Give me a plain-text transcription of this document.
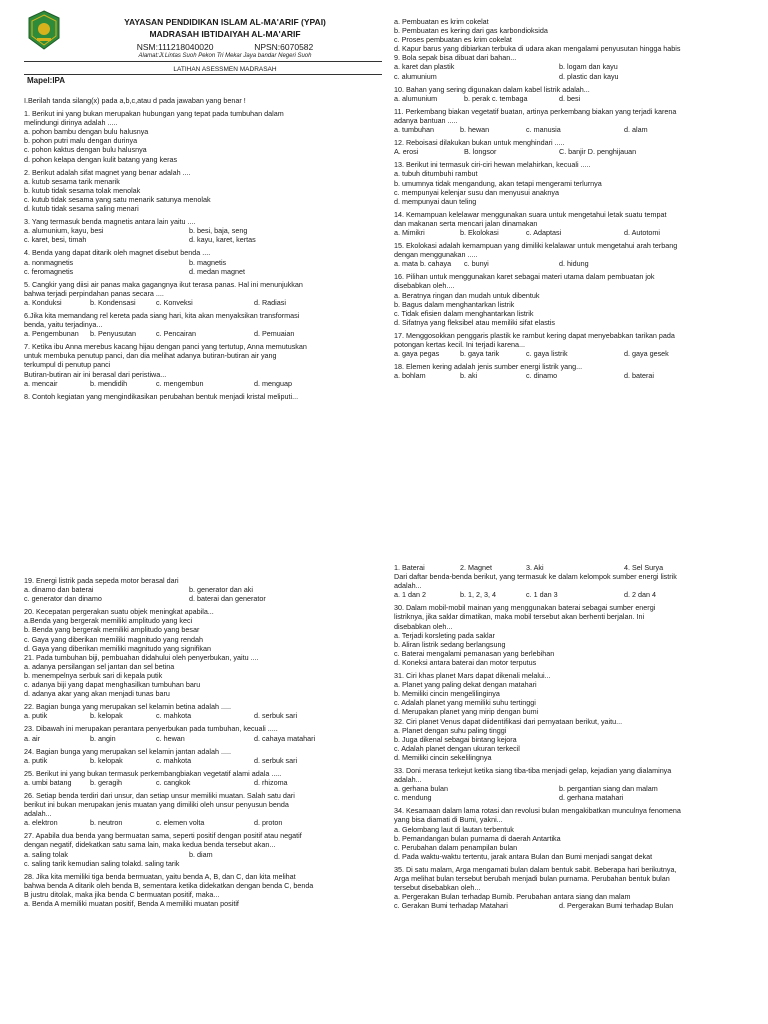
YAYASAN PENDIDIKAN ISLAM AL-MA'ARIF (YPAI)
MADRASAH IBTIDAIYAH AL-MA'ARIF
NSM:111218040020	NPSN:6070582
Alamat:Jl.Lintas Suoh Pekon Tri Mekar Jaya bandar Negeri Suoh
LATIHAN ASESSMEN MADRASAH
Mapel:IPA
I.Berilah tanda silang(x) pada a,b,c,atau d pada jawaban yang benar !
1. Berikut ini yang bukan merupakan hubungan yang tepat pada tumbuhan dalam
melindungi dirinya adalah .....
a. pohon bambu dengan bulu halusnya
b. pohon putri malu dengan durinya
c. pohon kaktus dengan bulu halusnya
d. pohon kelapa dengan kulit batang yang keras
2. Berikut adalah sifat magnet yang benar adalah ....
a. kutub sesama tarik menarik
b. kutub tidak sesama tolak menolak
c. kutub tidak sesama yang satu menarik satunya menolak
d. kutub tidak sesama saling menari
3. Yang termasuk benda magnetis antara lain yaitu ....
a. alumunium, kayu, besi	b. besi, baja, seng
c. karet, besi, timah	d. kayu, karet, kertas
4. Benda yang dapat ditarik oleh magnet disebut benda ....
a. nonmagnetis	b. magnetis
c. feromagnetis	d. medan magnet
5. Cangkir yang diisi air panas maka gagangnya ikut terasa panas. Hal ini menunjukkan
bahwa terjadi perpindahan panas secara ....
a. Konduksi	b. Kondensasi	c. Konveksi	d. Radiasi
6.Jika kita memandang rel kereta pada siang hari, kita akan menyaksikan transformasi
benda, yaitu terjadinya...
a. Pengembunan b. Penyusutan	c. Pencairan	d. Pemuaian
7. Ketika ibu Anna merebus kacang hijau dengan panci yang tertutup, Anna memutuskan
untuk membuka penutup panci, dan dia melihat adanya butiran-butiran air yang
terkumpul di penutup panci
Butiran-butiran air ini berasal dari peristiwa...
a. mencair	b. mendidih	c. mengembun	d. menguap
8. Contoh kegiatan yang mengindikasikan perubahan bentuk menjadi kristal meliputi...
a. Pembuatan es krim cokelat
b. Pembuatan es kering dari gas karbondioksida
c. Proses pembuatan es krim cokelat
d. Kapur barus yang dibiarkan terbuka di udara akan mengalami penyusutan hingga habis
9. Bola sepak bisa dibuat dari bahan...
a. karet dan plastik	b. logam dan kayu
c. alumunium	d. plastic dan kayu
10. Bahan yang sering digunakan dalam kabel listrik adalah...
a. alumunium	b. perak c. tembaga	d. besi
11. Perkembang biakan vegetatif buatan, artinya perkembang biakan yang terjadi karena
adanya bantuan .....
a. tumbuhan	b. hewan	c. manusia	d. alam
12. Reboisasi dilakukan bukan untuk menghindari .....
A. erosi	B. longsor	C. banjir D. penghijauan
13. Berikut ini termasuk ciri-ciri hewan melahirkan, kecuali .....
a. tubuh ditumbuhi rambut
b. umumnya tidak mengandung, akan tetapi mengerami terlurnya
c. mempunyai kelenjar susu dan menyusui anaknya
d. mempunyai daun teling
14. Kemampuan kelelawar menggunakan suara untuk mengetahui letak suatu tempat
dan makanan serta mencari jalan dinamakan
a. Mimikri	b. Ekolokasi	c. Adaptasi	d. Autotomi
15. Ekolokasi adalah kemampuan yang dimiliki kelalawar untuk mengetahui arah terbang
dengan menggunakan .....
a. mata b. cahaya c. bunyi	d. hidung
16. Pilihan untuk menggunakan karet sebagai materi utama dalam pembuatan jok
disebabkan oleh....
a. Beratnya ringan dan mudah untuk dibentuk
b. Bagus dalam menghantarkan listrik
c. Tidak efisien dalam menghantarkan listrik
d. Sifatnya yang fleksibel atau memiliki sifat elastis
17. Menggosokkan penggaris plastik ke rambut kering dapat menyebabkan tarikan pada
potongan kertas kecil. Ini terjadi karena...
a. gaya pegas	b. gaya tarik	c. gaya listrik	d. gaya gesek
18. Elemen kering adalah jenis sumber energi listrik yang...
a. bohlam	b. aki	c. dinamo	d. baterai
19. Energi listrik pada sepeda motor berasal dari
a. dinamo dan baterai	b. generator dan aki
c. generator dan dinamo	d. baterai dan generator
20. Kecepatan pergerakan suatu objek meningkat apabila...
a.Benda yang bergerak memiliki amplitudo yang keci
b. Benda yang bergerak memiliki amplitudo yang besar
c. Gaya yang diberikan memiliki magnitudo yang rendah
d. Gaya yang diberikan memiliki magnitudo yang signifikan
21. Pada tumbuhan biji, pembuahan didahului oleh penyerbukan, yaitu ....
a. adanya persilangan sel jantan dan sel betina
b. menempelnya serbuk sari di kepala putik
c. adanya biji yang dapat menghasilkan tumbuhan baru
d. adanya akar yang akan menjadi tunas baru
22. Bagian bunga yang merupakan sel kelamin betina adalah .....
a. putik	b. kelopak	c. mahkota	d. serbuk sari
23. Dibawah ini merupakan perantara penyerbukan pada tumbuhan, kecuali .....
a. air	b. angin	c. hewan	d. cahaya matahari
24. Bagian bunga yang merupakan sel kelamin jantan adalah .....
a. putik	b. kelopak	c. mahkota	d. serbuk sari
25. Berikut ini yang bukan termasuk perkembangbiakan vegetatif alami adala .....
a. umbi batang	b. geragih	c. cangkok	d. rhizoma
26. Setiap benda terdiri dari unsur, dan setiap unsur memiliki muatan. Salah satu dari
berikut ini bukan merupakan jenis muatan yang dimiliki oleh unsur penyusun benda
adalah...
a. elektron	b. neutron	c. elemen volta	d. proton
27. Apabila dua benda yang bermuatan sama, seperti positif dengan positif atau negatif
dengan negatif, didekatkan satu sama lain, maka kedua benda tersebut akan...
a. saling tolak	b. diam
c. saling tarik kemudian saling tolakd. saling tarik
28. Jika kita memiliki tiga benda bermuatan, yaitu benda A, B, dan C, dan kita melihat
bahwa benda A ditarik oleh benda B, sementara ketika didekatkan dengan benda C, benda
B justru ditolak, maka jika benda C bermuatan positif, maka...
a. Benda A memiliki muatan positif, Benda A memiliki muatan positif
1. Baterai	2. Magnet	3. Aki	4. Sel Surya
Dari daftar benda-benda berikut, yang termasuk ke dalam kelompok sumber energi listrik
adalah...
a. 1 dan 2	b. 1, 2, 3, 4	c. 1 dan 3	d. 2 dan 4
30. Dalam mobil-mobil mainan yang menggunakan baterai sebagai sumber energi
listriknya, jika saklar dimatikan, maka mobil tersebut akan berhenti berjalan. Ini
disebabkan oleh...
a. Terjadi korsleting pada saklar
b. Aliran listrik sedang berlangsung
c. Baterai mengalami pemanasan yang berlebihan
d. Koneksi antara baterai dan motor terputus
31. Ciri khas planet Mars dapat dikenali melalui...
a. Planet yang paling dekat dengan matahari
b. Memiliki cincin mengelilinginya
c. Adalah planet yang memiliki suhu tertinggi
d. Merupakan planet yang mirip dengan bumi
32. Ciri planet Venus dapat diidentifikasi dari pernyataan berikut, yaitu...
a. Planet dengan suhu paling tinggi
b. Juga dikenal sebagai bintang kejora
c. Adalah planet dengan ukuran terkecil
d. Memiliki cincin sekelilingnya
33. Doni merasa terkejut ketika siang tiba-tiba menjadi gelap, kejadian yang dialaminya
adalah...
a. gerhana bulan	b. pergantian siang dan malam
c. mendung	d. gerhana matahari
34. Kesamaan dalam lama rotasi dan revolusi bulan mengakibatkan munculnya fenomena
yang bisa diamati di Bumi, yakni...
a. Gelombang laut di lautan terbentuk
b. Pemandangan bulan purnama di daerah Antartika
c. Perubahan dalam penampilan bulan
d. Pada waktu-waktu tertentu, jarak antara Bulan dan Bumi menjadi sangat dekat
35. Di satu malam, Arga mengamati bulan dalam bentuk sabit. Beberapa hari berikutnya,
Arga melihat bulan tersebut berubah menjadi bulan purnama. Perubahan bentuk bulan
tersebut disebabkan oleh...
a. Pergerakan Bulan terhadap Bumib. Perubahan antara siang dan malam
c. Gerakan Bumi terhadap Matahari	d. Pergerakan Bumi terhadap Bulan
